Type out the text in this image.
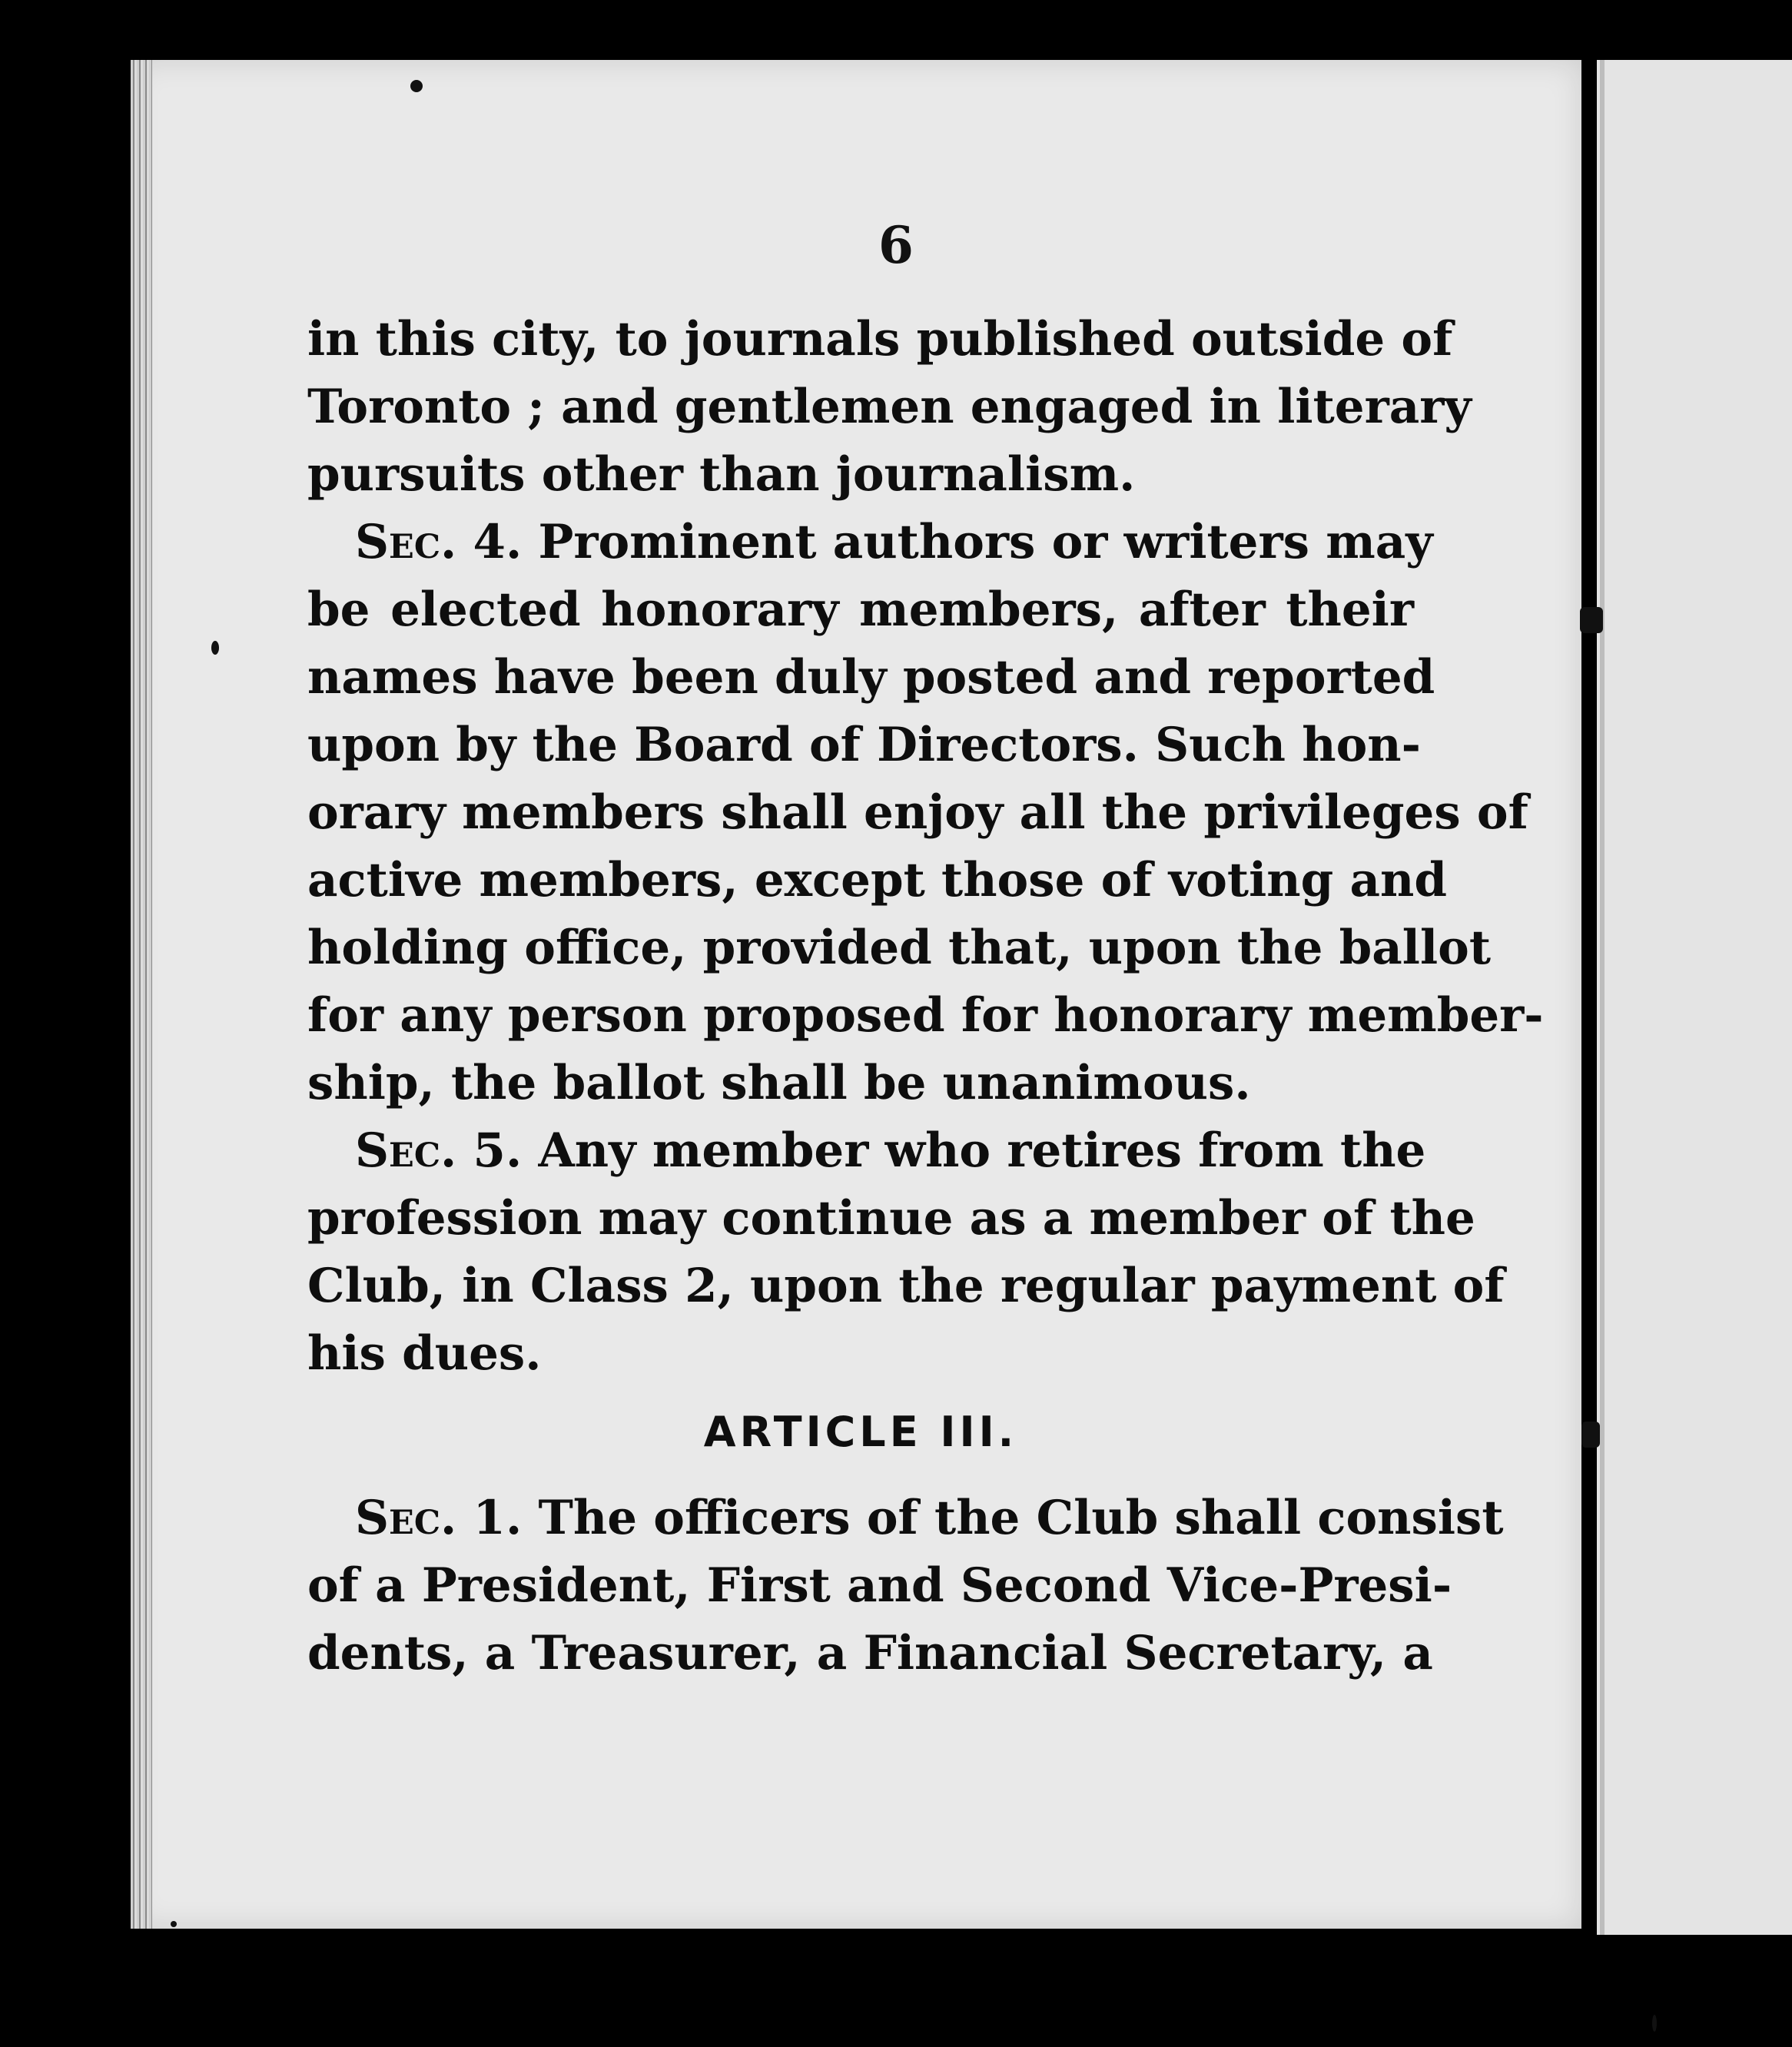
6
in this city, to journals published outside of
Toronto ; and gentlemen engaged in literary
pursuits other than journalism.
Sec. 4. Prominent authors or writers may
be elected honorary members, after their
names have been duly posted and reported
upon by the Board of Directors. Such hon-
orary members shall enjoy all the privileges of
active members, except those of voting and
holding office, provided that, upon the ballot
for any person proposed for honorary member-
ship, the ballot shall be unanimous.
Sec. 5. Any member who retires from the
profession may continue as a member of the
Club, in Class 2, upon the regular payment of
his dues.
ARTICLE III.
Sec. 1. The officers of the Club shall consist
of a President, First and Second Vice-Presi-
dents, a Treasurer, a Financial Secretary, a
